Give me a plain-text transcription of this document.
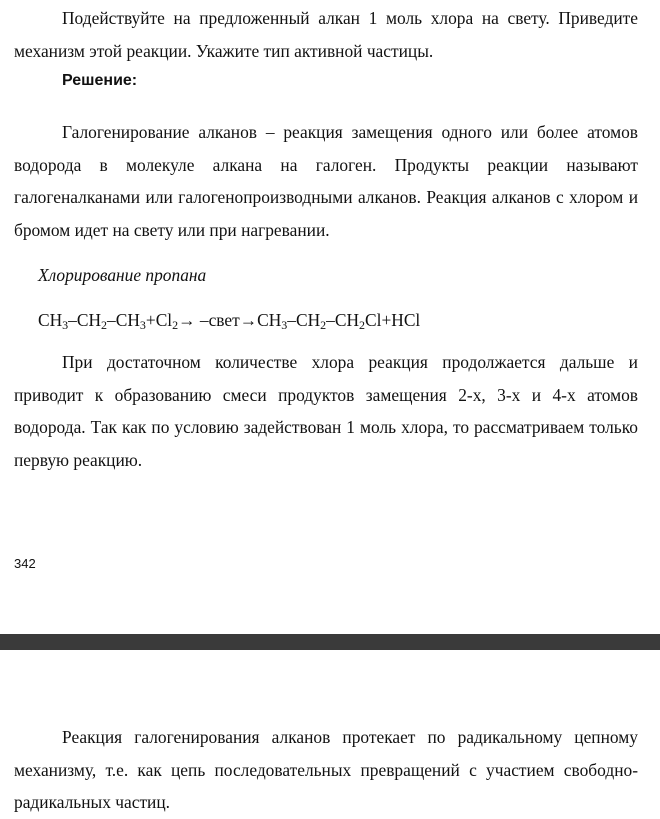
Подействуйте на предложенный алкан 1 моль хлора на свету. Приведите механизм этой реакции. Укажите тип активной частицы.

Решение:

Галогенирование алканов – реакция замещения одного или более атомов водорода в молекуле алкана на галоген. Продукты реакции называют галогеналканами или галогенопроизводными алканов. Реакция алканов с хлором и бромом идет на свету или при нагревании.

Хлорирование пропана

$CH_3-CH_2-CH_3+Cl_2\to$ $-свет\to CH_3-CH_2-CH_2Cl+HCl$

При достаточном количестве хлора реакция продолжается дальше и приводит к образованию смеси продуктов замещения 2-х, 3-х и 4-х атомов водорода. Так как по условию задействован 1 моль хлора, то рассматриваем только первую реакцию.

342

Реакция галогенирования алканов протекает по радикальному цепному механизму, т.е. как цепь последовательных превращений с участием свободно-радикальных частиц.
